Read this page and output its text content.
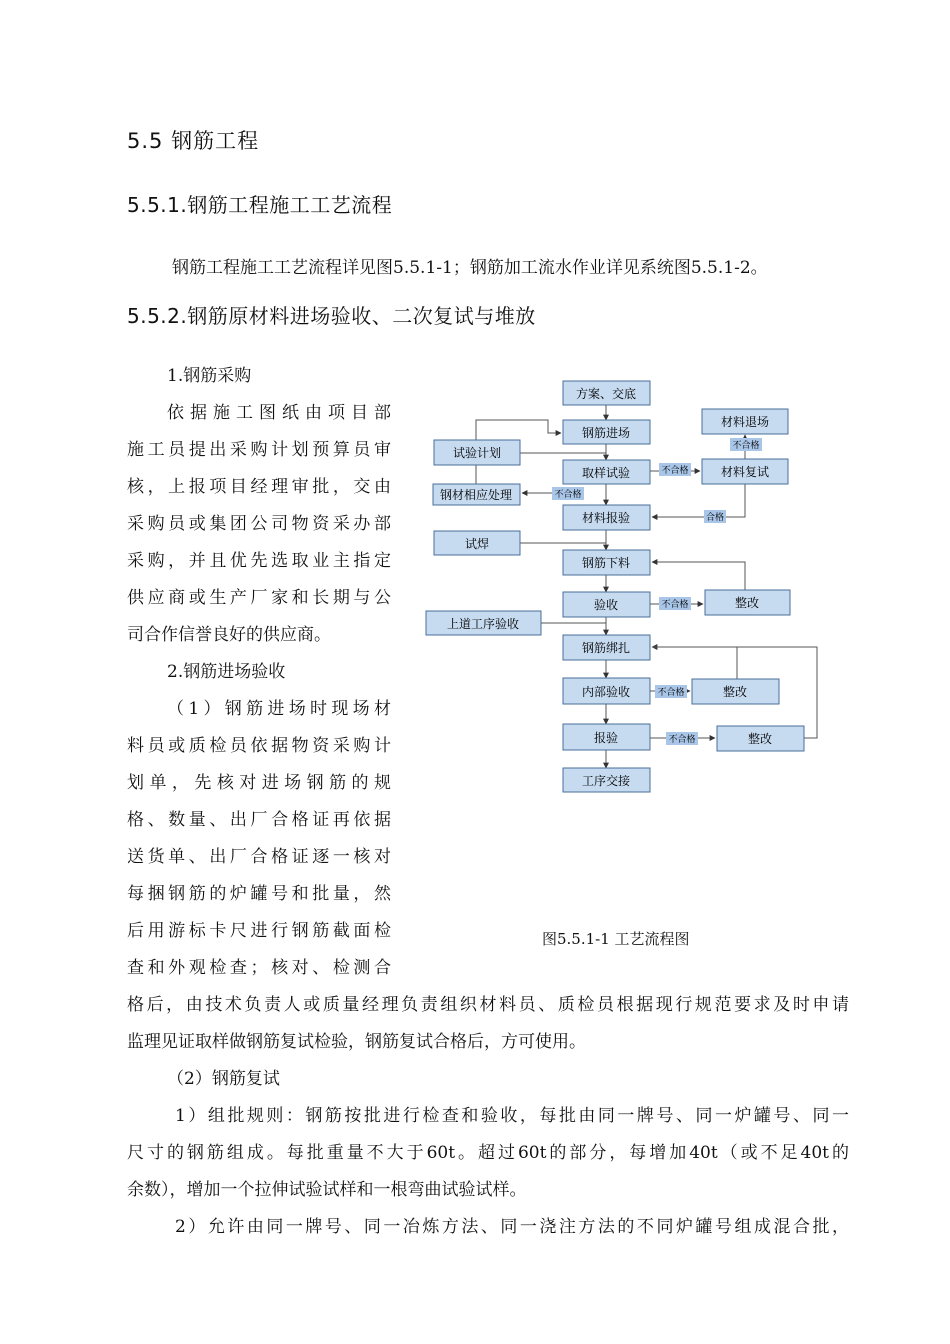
5.5 钢筋工程
5.5.1.钢筋工程施工工艺流程
钢筋工程施工工艺流程详见图5.5.1-1；钢筋加工流水作业详见系统图5.5.1-2。
5.5.2.钢筋原材料进场验收、二次复试与堆放
1.钢筋采购
依据施工图纸由项目部
施工员提出采购计划预算员审
核，上报项目经理审批，交由
采购员或集团公司物资采办部
采购，并且优先选取业主指定
供应商或生产厂家和长期与公
司合作信誉良好的供应商。
2.钢筋进场验收
（1）钢筋进场时现场材
料员或质检员依据物资采购计
划单，先核对进场钢筋的规
格、数量、出厂合格证再依据
送货单、出厂合格证逐一核对
每捆钢筋的炉罐号和批量，然
后用游标卡尺进行钢筋截面检
查和外观检查；核对、检测合
格后，由技术负责人或质量经理负责组织材料员、质检员根据现行规范要求及时申请
监理见证取样做钢筋复试检验，钢筋复试合格后，方可使用。
（2）钢筋复试
1）组批规则：钢筋按批进行检查和验收，每批由同一牌号、同一炉罐号、同一
尺寸的钢筋组成。每批重量不大于60t。超过60t的部分，每增加40t（或不足40t的
余数），增加一个拉伸试验试样和一根弯曲试验试样。
2）允许由同一牌号、同一冶炼方法、同一浇注方法的不同炉罐号组成混合批，
方案、交底
钢筋进场
试验计划
取样试验
钢材相应处理
材料报验
材料复试
材料退场
试焊
钢筋下料
验收	整改
上道工序验收
钢筋绑扎
内部验收	整改
报验	整改
工序交接
不合格
不合格
不合格
合格
不合格
不合格
不合格
图5.5.1-1 工艺流程图
